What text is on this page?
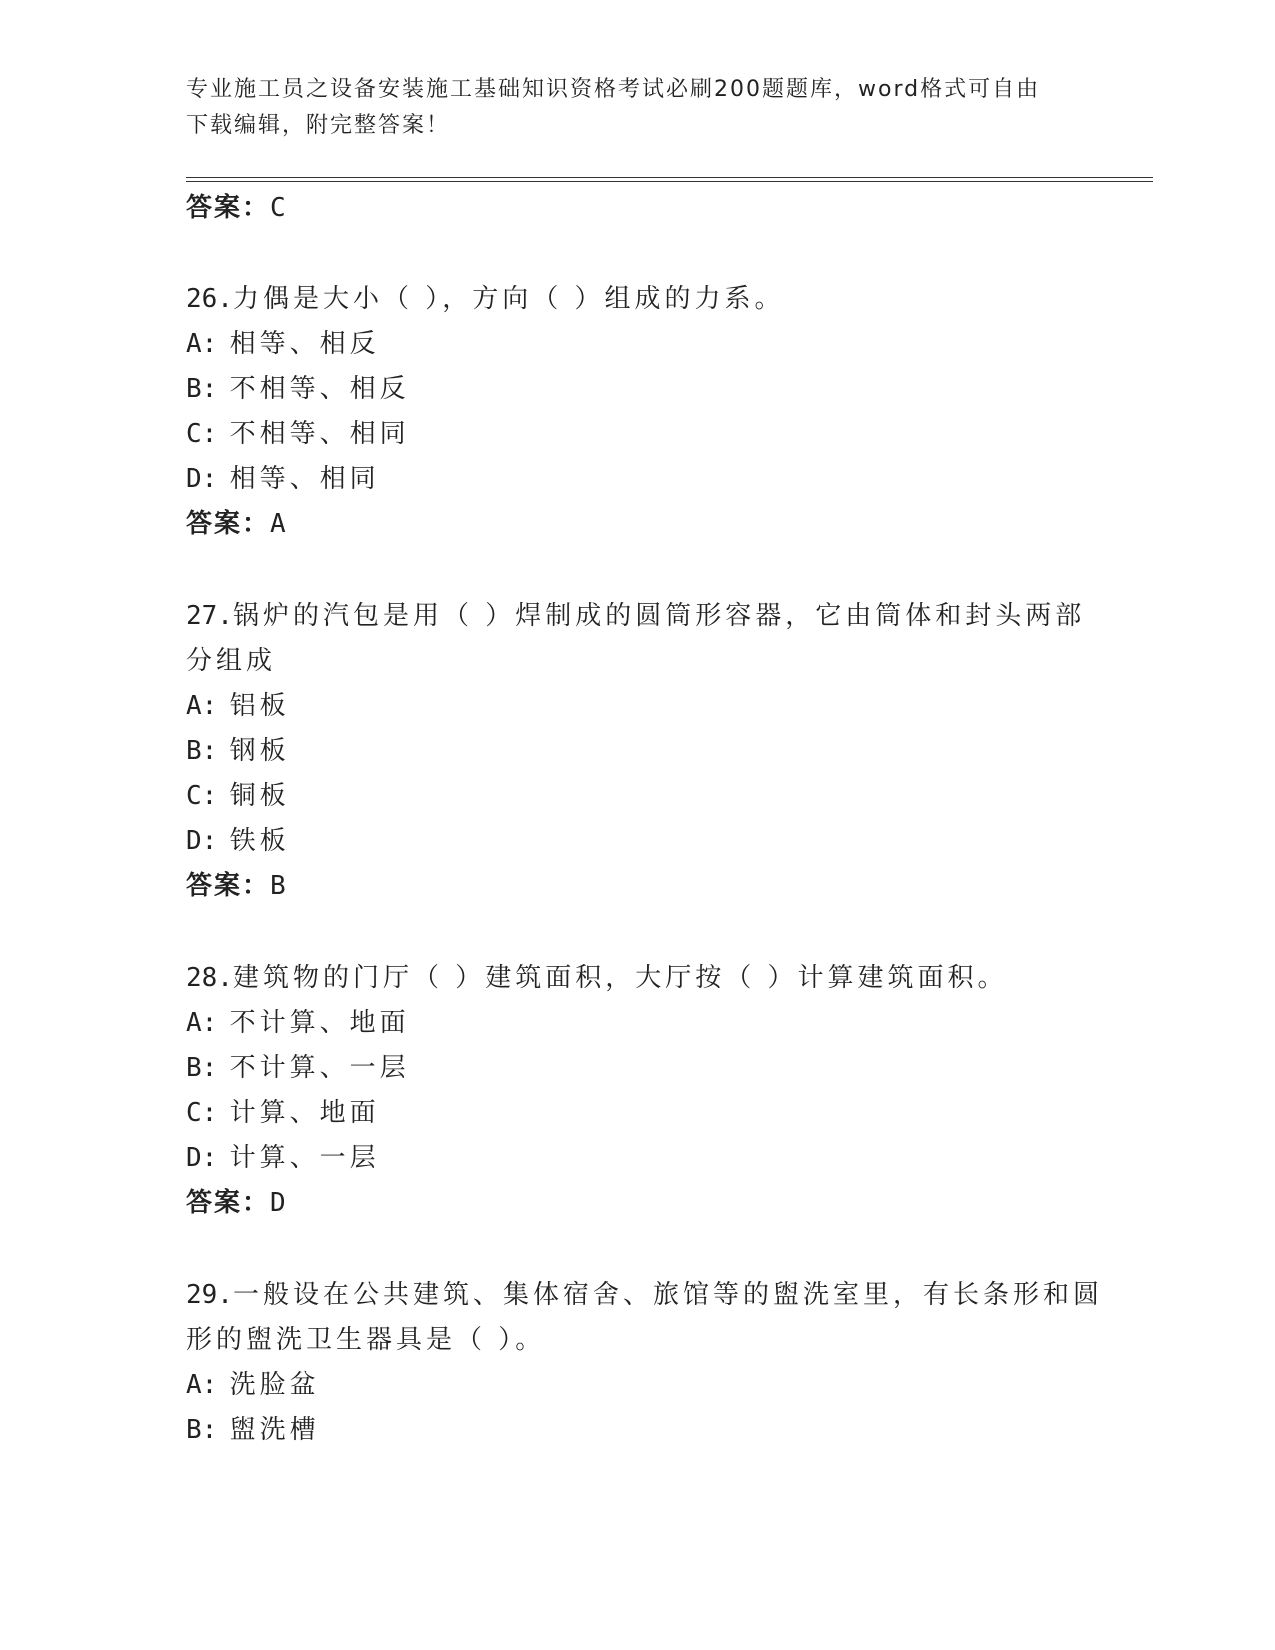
专业施工员之设备安装施工基础知识资格考试必刷200题题库，word格式可自由
下载编辑，附完整答案！
答案：C
26.力偶是大小（ ），方向（ ）组成的力系。
A: 相等、相反
B: 不相等、相反
C: 不相等、相同
D: 相等、相同
答案：A
27.锅炉的汽包是用（ ）焊制成的圆筒形容器，它由筒体和封头两部
分组成
A: 铝板
B: 钢板
C: 铜板
D: 铁板
答案：B
28.建筑物的门厅（ ）建筑面积，大厅按（ ）计算建筑面积。
A: 不计算、地面
B: 不计算、一层
C: 计算、地面
D: 计算、一层
答案：D
29.一般设在公共建筑、集体宿舍、旅馆等的盥洗室里，有长条形和圆
形的盥洗卫生器具是（ ）。
A: 洗脸盆
B: 盥洗槽
